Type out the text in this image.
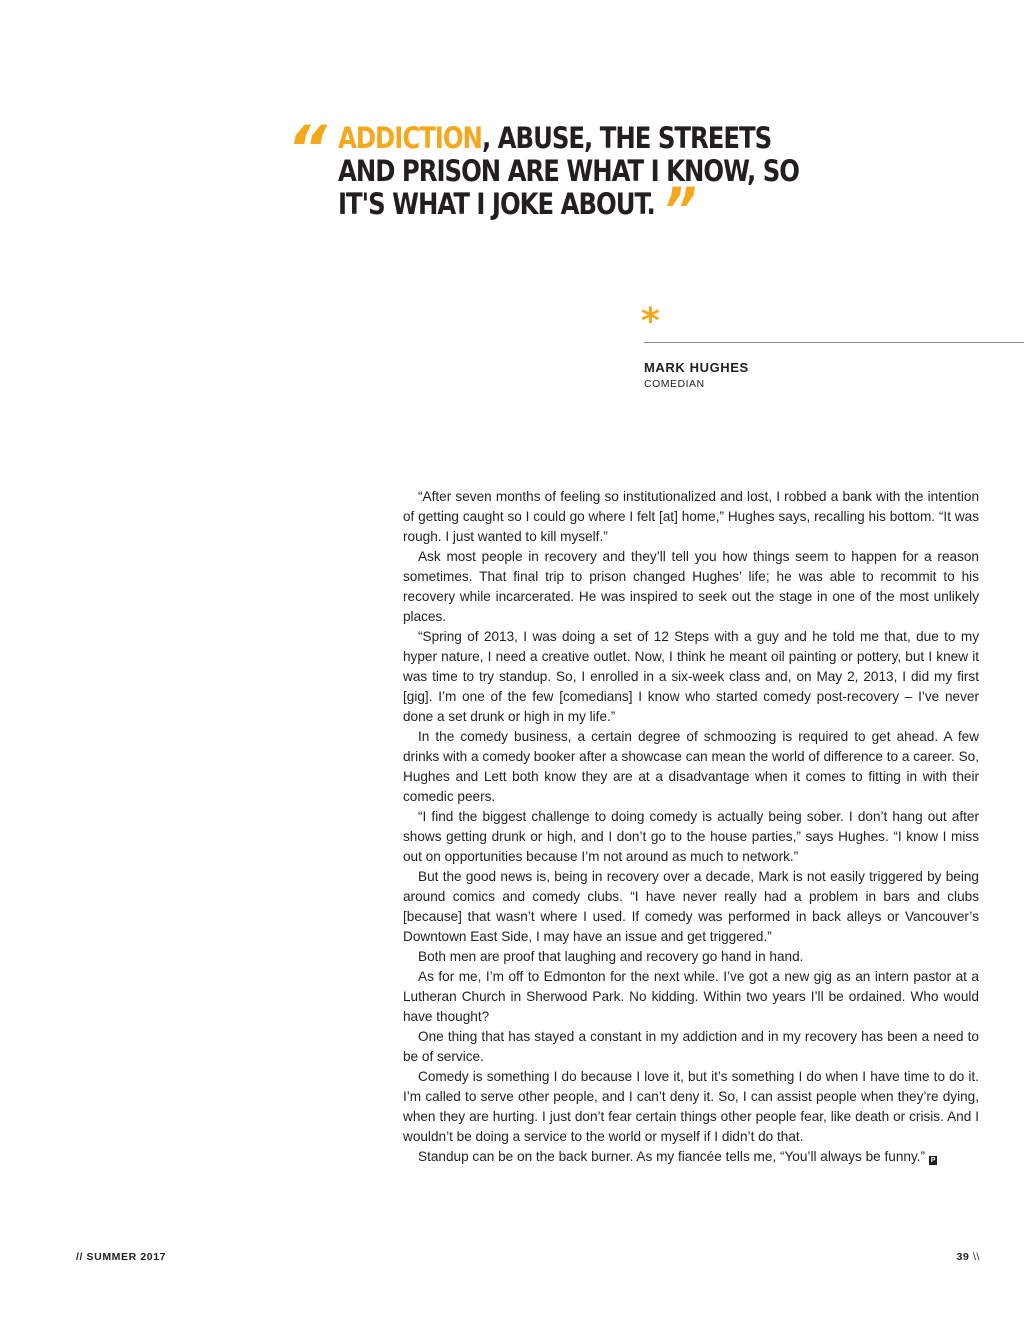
“ ADDICTION, ABUSE, THE STREETS
AND PRISON ARE WHAT I KNOW, SO
IT'S WHAT I JOKE ABOUT. ”
*
MARK HUGHES
COMEDIAN

“After seven months of feeling so institutionalized and lost, I robbed a bank with the intention of getting caught so I could go where I felt [at] home,” Hughes says, recalling his bottom. “It was rough. I just wanted to kill myself.”

Ask most people in recovery and they’ll tell you how things seem to happen for a reason sometimes. That final trip to prison changed Hughes’ life; he was able to recommit to his recovery while incarcerated. He was inspired to seek out the stage in one of the most unlikely places.

“Spring of 2013, I was doing a set of 12 Steps with a guy and he told me that, due to my hyper nature, I need a creative outlet. Now, I think he meant oil painting or pottery, but I knew it was time to try standup. So, I enrolled in a six-week class and, on May 2, 2013, I did my first [gig]. I’m one of the few [comedians] I know who started comedy post-recovery – I’ve never done a set drunk or high in my life.”

In the comedy business, a certain degree of schmoozing is required to get ahead. A few drinks with a comedy booker after a showcase can mean the world of difference to a career. So, Hughes and Lett both know they are at a disadvantage when it comes to fitting in with their comedic peers.

“I find the biggest challenge to doing comedy is actually being sober. I don’t hang out after shows getting drunk or high, and I don’t go to the house parties,” says Hughes. “I know I miss out on opportunities because I’m not around as much to network.”

But the good news is, being in recovery over a decade, Mark is not easily triggered by being around comics and comedy clubs. “I have never really had a problem in bars and clubs [because] that wasn’t where I used. If comedy was performed in back alleys or Vancouver’s Downtown East Side, I may have an issue and get triggered.”

Both men are proof that laughing and recovery go hand in hand.

As for me, I’m off to Edmonton for the next while. I’ve got a new gig as an intern pastor at a Lutheran Church in Sherwood Park. No kidding. Within two years I’ll be ordained. Who would have thought?

One thing that has stayed a constant in my addiction and in my recovery has been a need to be of service.

Comedy is something I do because I love it, but it’s something I do when I have time to do it. I’m called to serve other people, and I can’t deny it. So, I can assist people when they’re dying, when they are hurting. I just don’t fear certain things other people fear, like death or crisis. And I wouldn’t be doing a service to the world or myself if I didn’t do that.

Standup can be on the back burner. As my fiancée tells me, “You’ll always be funny.” P

// SUMMER 2017	39 \\
